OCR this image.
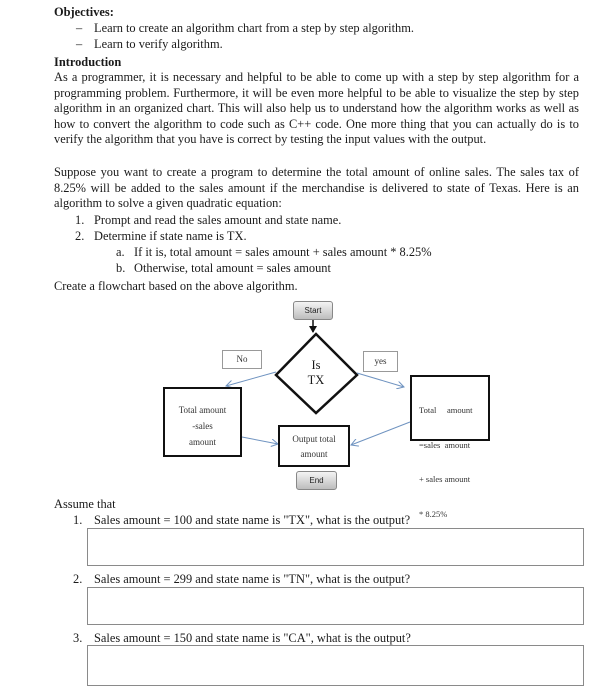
Objectives:
– Learn to create an algorithm chart from a step by step algorithm.
– Learn to verify algorithm.
Introduction
As a programmer, it is necessary and helpful to be able to come up with a step by step algorithm for a programming problem. Furthermore, it will be even more helpful to be able to visualize the step by step algorithm in an organized chart. This will also help us to understand how the algorithm works as well as how to convert the algorithm to code such as C++ code. One more thing that you can actually do is to verify the algorithm that you have is correct by testing the input values with the output.
Suppose you want to create a program to determine the total amount of online sales. The sales tax of 8.25% will be added to the sales amount if the merchandise is delivered to state of Texas. Here is an algorithm to solve a given quadratic equation:
1. Prompt and read the sales amount and state name.
2. Determine if state name is TX.
a. If it is, total amount = sales amount + sales amount * 8.25%
b. Otherwise, total amount = sales amount
Create a flowchart based on the above algorithm.
Start
Is
TX
No	yes
Total amount
-sales
amount

Total     amount

=sales  amount

+ sales amount

* 8.25%

Output total
amount
End
Assume that
1. Sales amount = 100 and state name is "TX", what is the output?
2. Sales amount = 299 and state name is "TN", what is the output?
3. Sales amount = 150 and state name is "CA", what is the output?
